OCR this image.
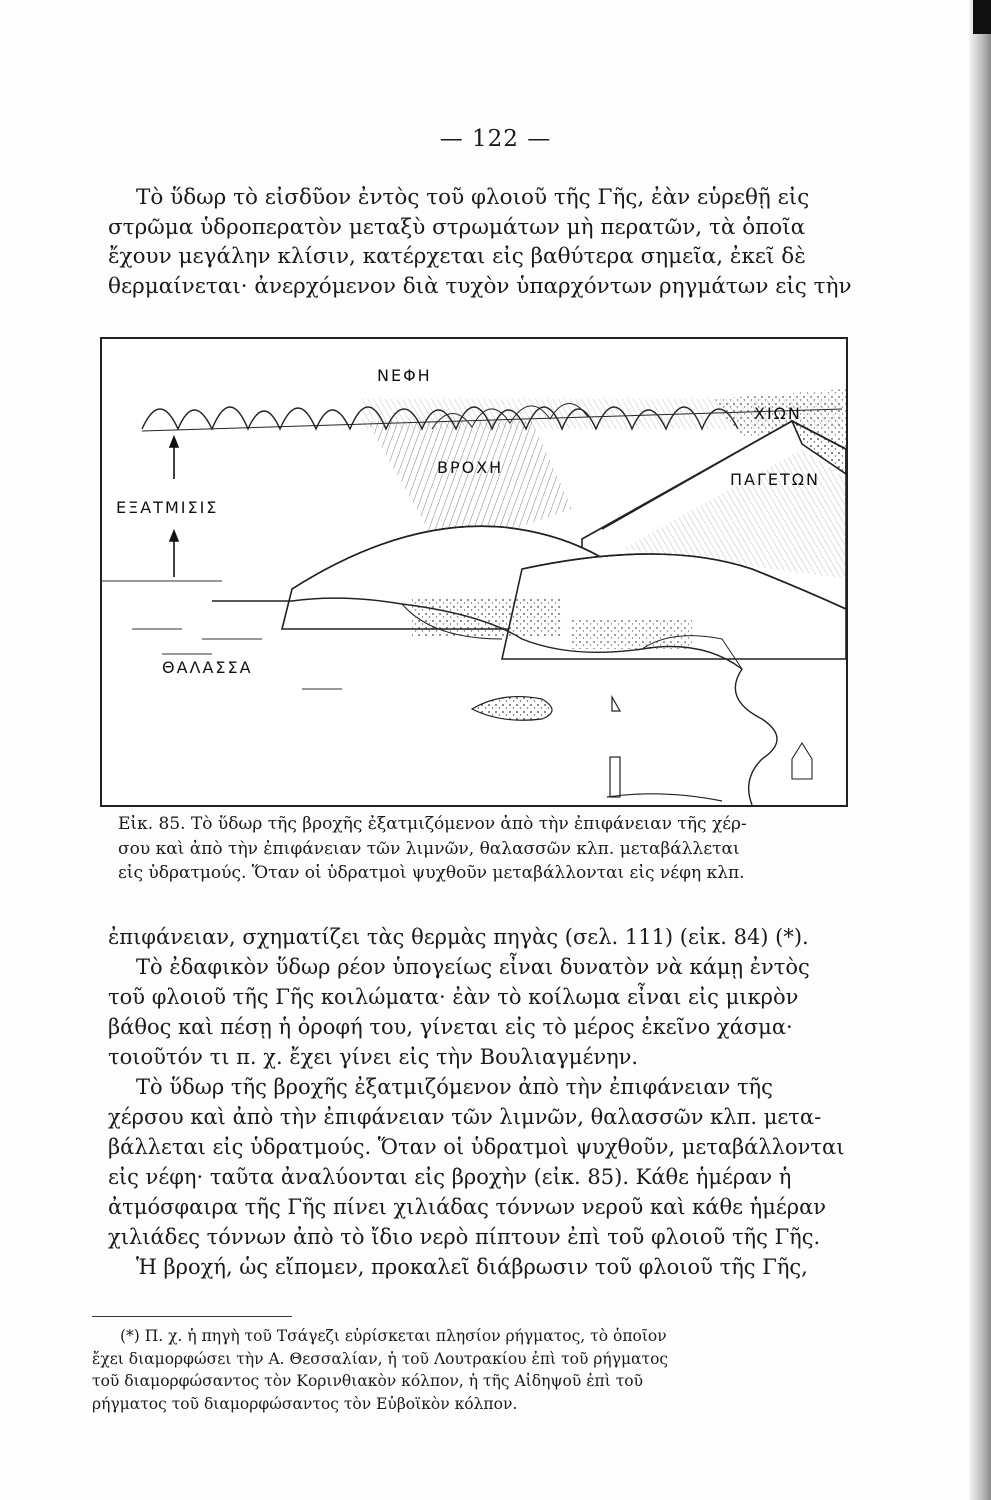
— 122 —

Τὸ ὕδωρ τὸ εἰσδῦον ἐντὸς τοῦ φλοιοῦ τῆς Γῆς, ἐὰν εὑρεθῇ εἰς
στρῶμα ὑδροπερατὸν μεταξὺ στρωμάτων μὴ περατῶν, τὰ ὁποῖα
ἔχουν μεγάλην κλίσιν, κατέρχεται εἰς βαθύτερα σημεῖα, ἐκεῖ δὲ
θερμαίνεται· ἀνερχόμενον διὰ τυχὸν ὑπαρχόντων ρηγμάτων εἰς τὴν

ΝΕΦΗ
ΧΙΩΝ
ΒΡΟΧΗ
ΠΑΓΕΤΩΝ
ΕΞΑΤΜΙΣΙΣ
ΘΑΛΑΣΣΑ

Εἰκ. 85. Τὸ ὕδωρ τῆς βροχῆς ἐξατμιζόμενον ἀπὸ τὴν ἐπιφάνειαν τῆς χέρ-
σου καὶ ἀπὸ τὴν ἐπιφάνειαν τῶν λιμνῶν, θαλασσῶν κλπ. μεταβάλλεται
εἰς ὑδρατμούς. Ὅταν οἱ ὑδρατμοὶ ψυχθοῦν μεταβάλλονται εἰς νέφη κλπ.

ἐπιφάνειαν, σχηματίζει τὰς θερμὰς πηγὰς (σελ. 111) (εἰκ. 84) (*).
Τὸ ἐδαφικὸν ὕδωρ ρέον ὑπογείως εἶναι δυνατὸν νὰ κάμῃ ἐντὸς
τοῦ φλοιοῦ τῆς Γῆς κοιλώματα· ἐὰν τὸ κοίλωμα εἶναι εἰς μικρὸν
βάθος καὶ πέσῃ ἡ ὀροφή του, γίνεται εἰς τὸ μέρος ἐκεῖνο χάσμα·
τοιοῦτόν τι π. χ. ἔχει γίνει εἰς τὴν Βουλιαγμένην.
Τὸ ὕδωρ τῆς βροχῆς ἐξατμιζόμενον ἀπὸ τὴν ἐπιφάνειαν τῆς
χέρσου καὶ ἀπὸ τὴν ἐπιφάνειαν τῶν λιμνῶν, θαλασσῶν κλπ. μετα-
βάλλεται εἰς ὑδρατμούς. Ὅταν οἱ ὑδρατμοὶ ψυχθοῦν, μεταβάλλονται
εἰς νέφη· ταῦτα ἀναλύονται εἰς βροχὴν (εἰκ. 85). Κάθε ἡμέραν ἡ
ἀτμόσφαιρα τῆς Γῆς πίνει χιλιάδας τόννων νεροῦ καὶ κάθε ἡμέραν
χιλιάδες τόννων ἀπὸ τὸ ἴδιο νερὸ πίπτουν ἐπὶ τοῦ φλοιοῦ τῆς Γῆς.
Ἡ βροχή, ὡς εἴπομεν, προκαλεῖ διάβρωσιν τοῦ φλοιοῦ τῆς Γῆς,

(*) Π. χ. ἡ πηγὴ τοῦ Τσάγεζι εὑρίσκεται πλησίον ρήγματος, τὸ ὁποῖον
ἔχει διαμορφώσει τὴν Α. Θεσσαλίαν, ἡ τοῦ Λουτρακίου ἐπὶ τοῦ ρήγματος
τοῦ διαμορφώσαντος τὸν Κορινθιακὸν κόλπον, ἡ τῆς Αἰδηψοῦ ἐπὶ τοῦ
ρήγματος τοῦ διαμορφώσαντος τὸν Εὐβοϊκὸν κόλπον.
